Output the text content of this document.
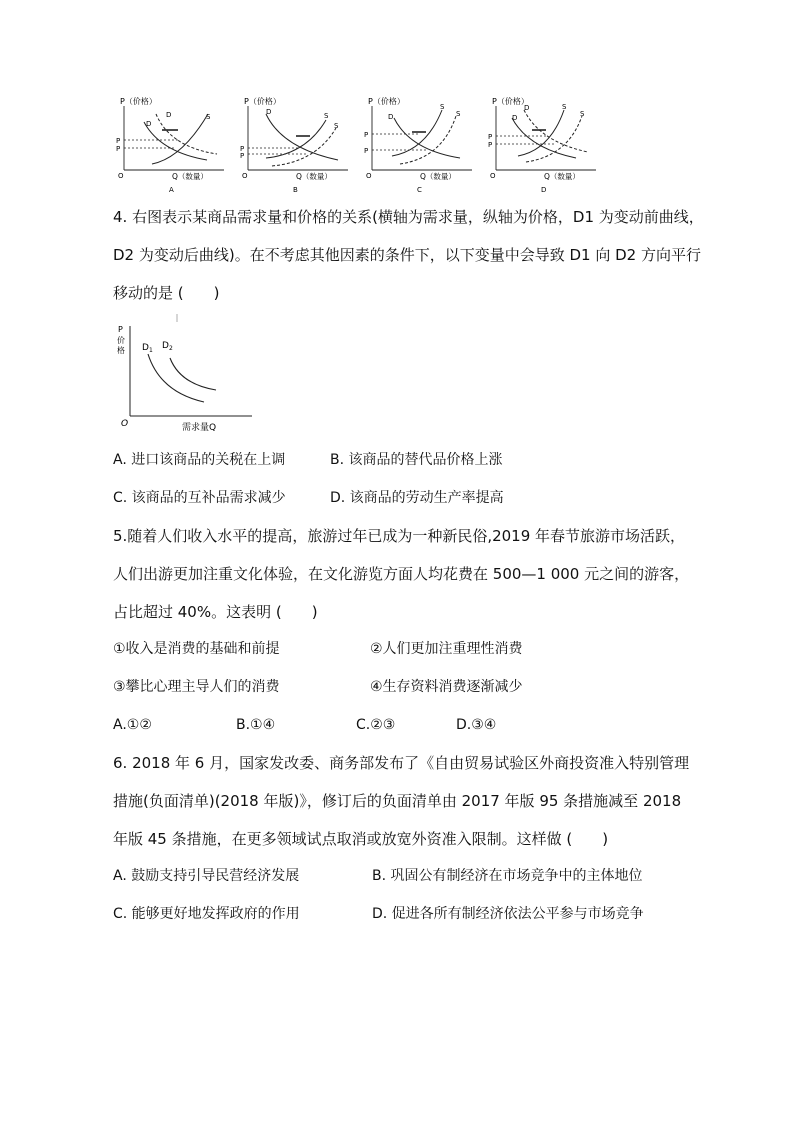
P（价格）
O	Q（数量）
A
D
D	S
P
P
P（价格）
O	Q（数量）
B
D	S
S
P
P
P（价格）
O	Q（数量）
C
D
S
S
P
P
P（价格）
O	Q（数量）
D
D
D	S
S
P
P
4. 右图表示某商品需求量和价格的关系(横轴为需求量，纵轴为价格，D1 为变动前曲线，
D2 为变动后曲线)。在不考虑其他因素的条件下，以下变量中会导致 D1 向 D2 方向平行
移动的是 (　　)
P
价
格
O	需求量Q
$D_1$ $D_2$
A. 进口该商品的关税在上调	B. 该商品的替代品价格上涨
C. 该商品的互补品需求减少	D. 该商品的劳动生产率提高
5.随着人们收入水平的提高，旅游过年已成为一种新民俗,2019 年春节旅游市场活跃，
人们出游更加注重文化体验，在文化游览方面人均花费在 500—1 000 元之间的游客，
占比超过 40%。这表明 (　　)
①收入是消费的基础和前提	②人们更加注重理性消费
③攀比心理主导人们的消费	④生存资料消费逐渐减少
A.①②	B.①④	C.②③	D.③④
6. 2018 年 6 月，国家发改委、商务部发布了《自由贸易试验区外商投资准入特别管理
措施(负面清单)(2018 年版)》，修订后的负面清单由 2017 年版 95 条措施减至 2018
年版 45 条措施，在更多领域试点取消或放宽外资准入限制。这样做 (　　)
A. 鼓励支持引导民营经济发展	B. 巩固公有制经济在市场竞争中的主体地位
C. 能够更好地发挥政府的作用	D. 促进各所有制经济依法公平参与市场竞争
